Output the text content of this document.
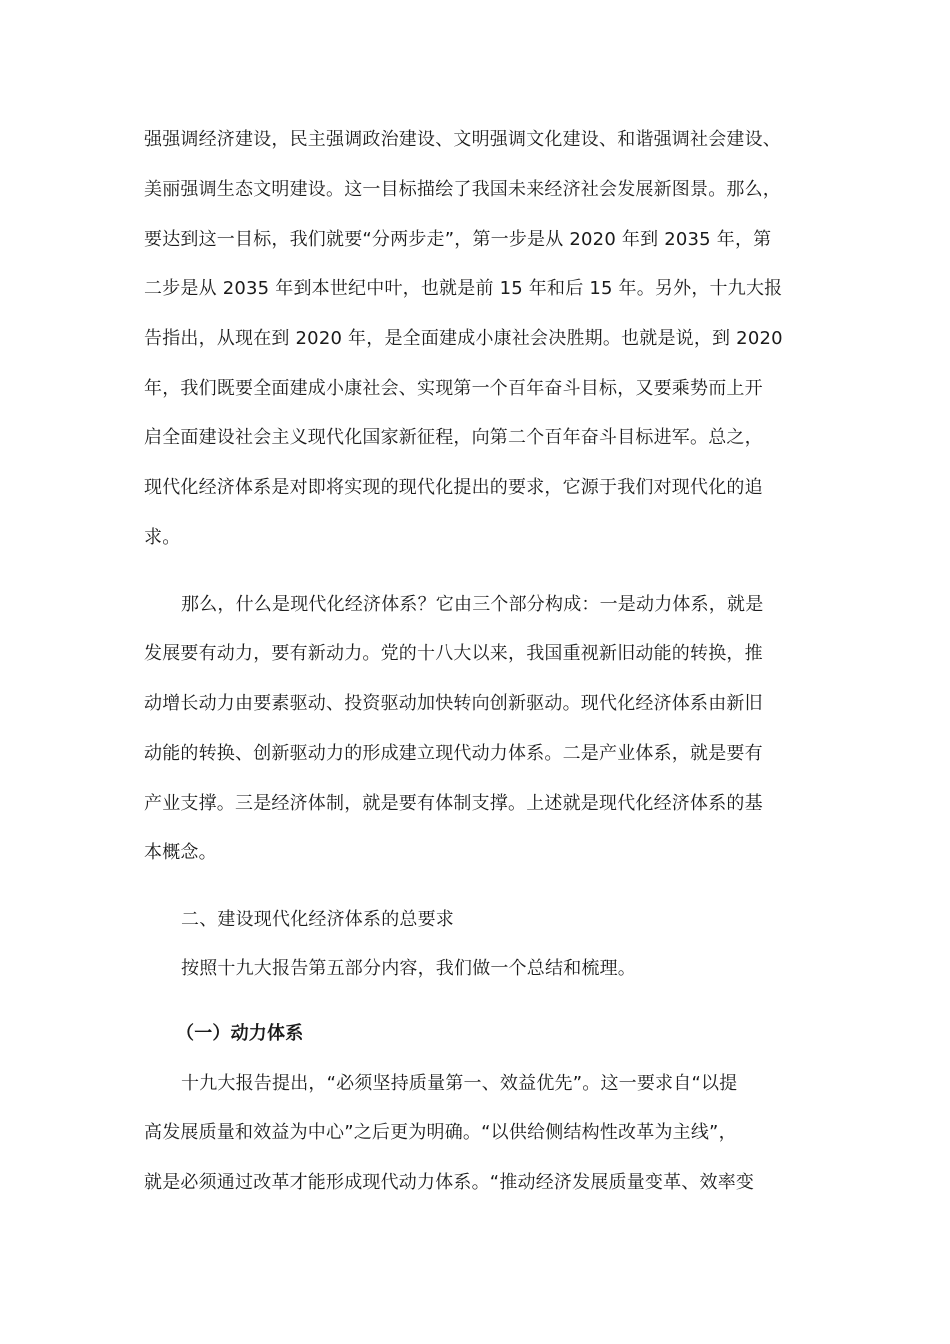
强强调经济建设，民主强调政治建设、文明强调文化建设、和谐强调社会建设、
美丽强调生态文明建设。这一目标描绘了我国未来经济社会发展新图景。那么，
要达到这一目标，我们就要“分两步走”，第一步是从 2020 年到 2035 年，第
二步是从 2035 年到本世纪中叶，也就是前 15 年和后 15 年。另外，十九大报
告指出，从现在到 2020 年，是全面建成小康社会决胜期。也就是说，到 2020
年，我们既要全面建成小康社会、实现第一个百年奋斗目标，又要乘势而上开
启全面建设社会主义现代化国家新征程，向第二个百年奋斗目标进军。总之，
现代化经济体系是对即将实现的现代化提出的要求，它源于我们对现代化的追
求。
那么，什么是现代化经济体系？它由三个部分构成：一是动力体系，就是
发展要有动力，要有新动力。党的十八大以来，我国重视新旧动能的转换，推
动增长动力由要素驱动、投资驱动加快转向创新驱动。现代化经济体系由新旧
动能的转换、创新驱动力的形成建立现代动力体系。二是产业体系，就是要有
产业支撑。三是经济体制，就是要有体制支撑。上述就是现代化经济体系的基
本概念。
二、建设现代化经济体系的总要求
按照十九大报告第五部分内容，我们做一个总结和梳理。
（一）动力体系
十九大报告提出，“必须坚持质量第一、效益优先”。这一要求自“以提
高发展质量和效益为中心”之后更为明确。“以供给侧结构性改革为主线”，
就是必须通过改革才能形成现代动力体系。“推动经济发展质量变革、效率变
